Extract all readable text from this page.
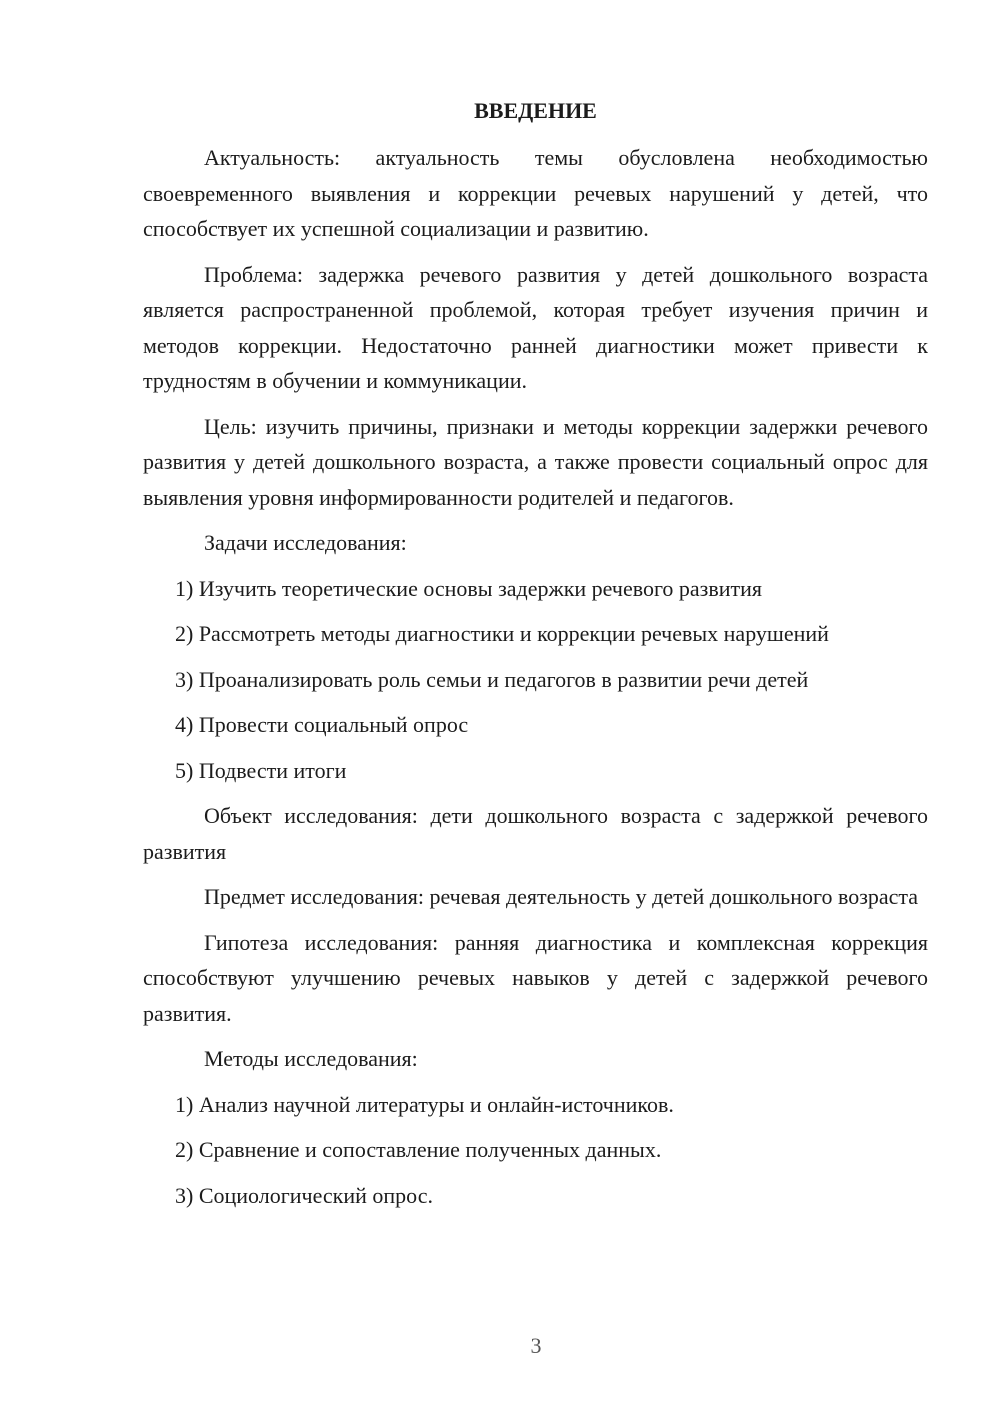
ВВЕДЕНИЕ

Актуальность: актуальность темы обусловлена необходимостью своевременного выявления и коррекции речевых нарушений у детей, что способствует их успешной социализации и развитию.

Проблема: задержка речевого развития у детей дошкольного возраста является распространенной проблемой, которая требует изучения причин и методов коррекции. Недостаточно ранней диагностики может привести к трудностям в обучении и коммуникации.

Цель: изучить причины, признаки и методы коррекции задержки речевого развития у детей дошкольного возраста, а также провести социальный опрос для выявления уровня информированности родителей и педагогов.

Задачи исследования:

1) Изучить теоретические основы задержки речевого развития
2) Рассмотреть методы диагностики и коррекции речевых нарушений
3) Проанализировать роль семьи и педагогов в развитии речи детей
4) Провести социальный опрос
5) Подвести итоги

Объект исследования: дети дошкольного возраста с задержкой речевого развития

Предмет исследования: речевая деятельность у детей дошкольного возраста

Гипотеза исследования: ранняя диагностика и комплексная коррекция способствуют улучшению речевых навыков у детей с задержкой речевого развития.

Методы исследования:

1) Анализ научной литературы и онлайн-источников.
2) Сравнение и сопоставление полученных данных.
3) Социологический опрос.
3
